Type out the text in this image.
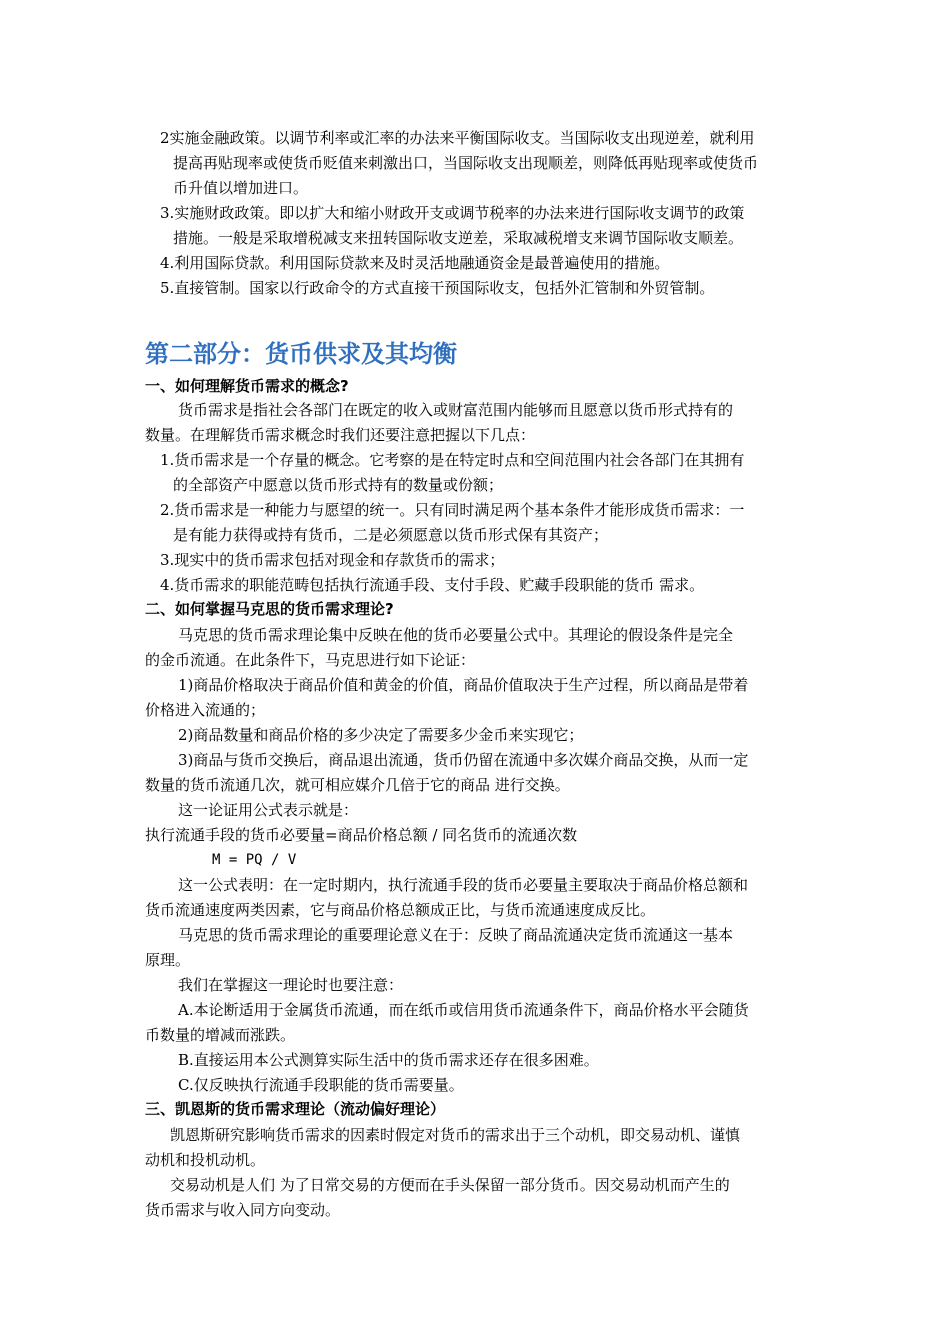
2实施金融政策。以调节利率或汇率的办法来平衡国际收支。当国际收支出现逆差，就利用
提高再贴现率或使货币贬值来刺激出口，当国际收支出现顺差，则降低再贴现率或使货币
币升值以增加进口。
3.实施财政政策。即以扩大和缩小财政开支或调节税率的办法来进行国际收支调节的政策
措施。一般是采取增税减支来扭转国际收支逆差，采取减税增支来调节国际收支顺差。
4.利用国际贷款。利用国际贷款来及时灵活地融通资金是最普遍使用的措施。
5.直接管制。国家以行政命令的方式直接干预国际收支，包括外汇管制和外贸管制。
第二部分：货币供求及其均衡
一、如何理解货币需求的概念?
货币需求是指社会各部门在既定的收入或财富范围内能够而且愿意以货币形式持有的
数量。在理解货币需求概念时我们还要注意把握以下几点：
1.货币需求是一个存量的概念。它考察的是在特定时点和空间范围内社会各部门在其拥有
的全部资产中愿意以货币形式持有的数量或份额；
2.货币需求是一种能力与愿望的统一。只有同时满足两个基本条件才能形成货币需求：一
是有能力获得或持有货币，二是必须愿意以货币形式保有其资产；
3.现实中的货币需求包括对现金和存款货币的需求；
4.货币需求的职能范畴包括执行流通手段、支付手段、贮藏手段职能的货币 需求。
二、如何掌握马克思的货币需求理论?
马克思的货币需求理论集中反映在他的货币必要量公式中。其理论的假设条件是完全
的金币流通。在此条件下，马克思进行如下论证：
1)商品价格取决于商品价值和黄金的价值，商品价值取决于生产过程，所以商品是带着
价格进入流通的；
2)商品数量和商品价格的多少决定了需要多少金币来实现它；
3)商品与货币交换后，商品退出流通，货币仍留在流通中多次媒介商品交换，从而一定
数量的货币流通几次，就可相应媒介几倍于它的商品 进行交换。
这一论证用公式表示就是：
执行流通手段的货币必要量=商品价格总额 / 同名货币的流通次数
M = PQ / V
这一公式表明：在一定时期内，执行流通手段的货币必要量主要取决于商品价格总额和
货币流通速度两类因素，它与商品价格总额成正比，与货币流通速度成反比。
马克思的货币需求理论的重要理论意义在于：反映了商品流通决定货币流通这一基本
原理。
我们在掌握这一理论时也要注意：
A.本论断适用于金属货币流通，而在纸币或信用货币流通条件下，商品价格水平会随货
币数量的增减而涨跌。
B.直接运用本公式测算实际生活中的货币需求还存在很多困难。
C.仅反映执行流通手段职能的货币需要量。
三、凯恩斯的货币需求理论（流动偏好理论）
凯恩斯研究影响货币需求的因素时假定对货币的需求出于三个动机，即交易动机、谨慎
动机和投机动机。
交易动机是人们 为了日常交易的方便而在手头保留一部分货币。因交易动机而产生的
货币需求与收入同方向变动。
